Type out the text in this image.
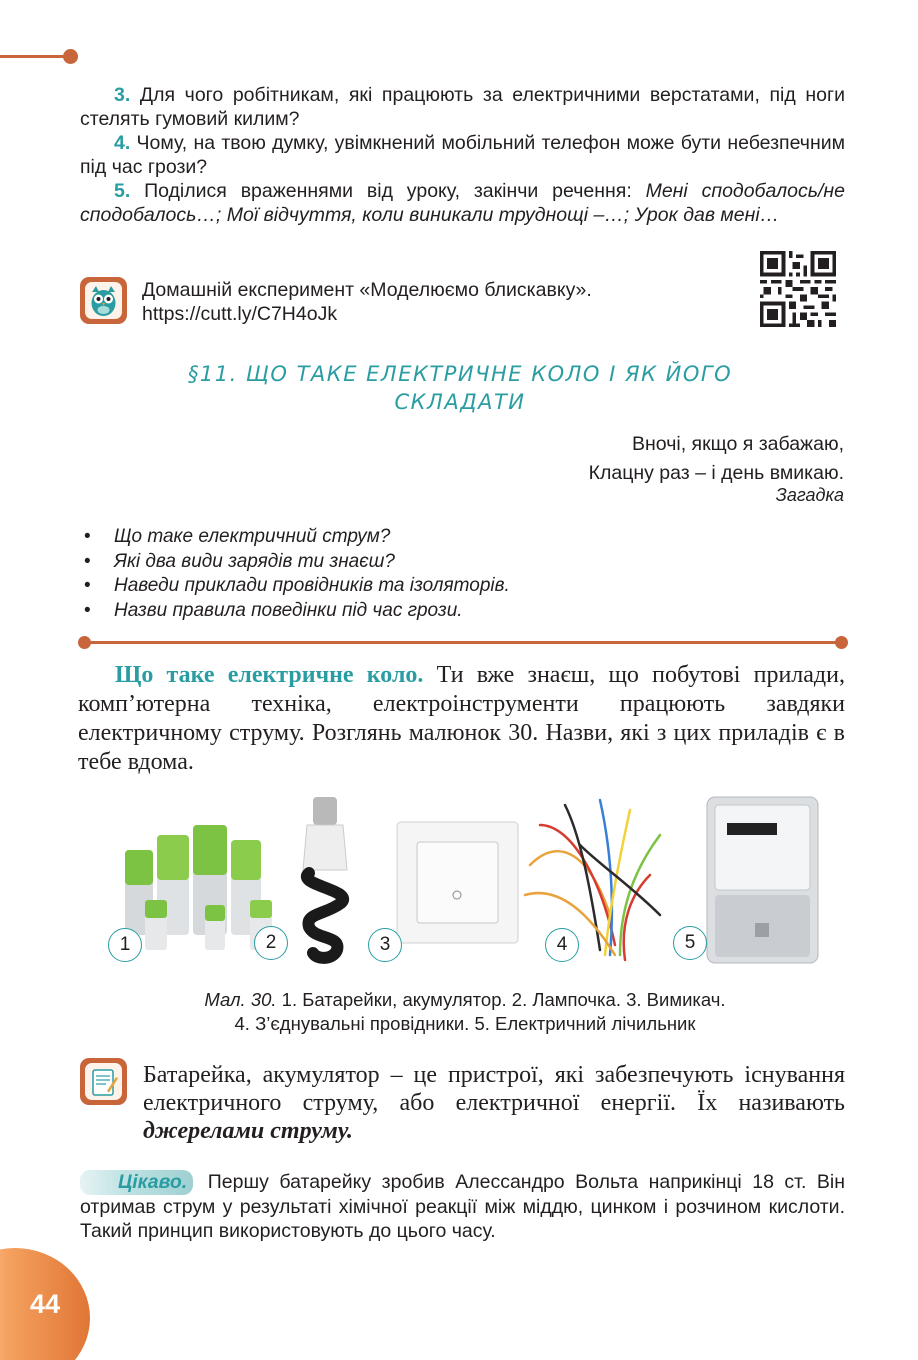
3. Для чого робітникам, які працюють за електричними верстатами, під ноги стелять гумовий килим?

4. Чому, на твою думку, увімкнений мобільний телефон може бути небезпечним під час грози?

5. Поділися враженнями від уроку, закінчи речення: Мені сподобалось/не сподобалось…; Мої відчуття, коли виникали труднощі –…; Урок дав мені…

Домашній експеримент «Моделюємо блискавку».
https://cutt.ly/C7H4oJk
§11. ЩО ТАКЕ ЕЛЕКТРИЧНЕ КОЛО І ЯК ЙОГО
СКЛАДАТИ
Вночі, якщо я забажаю,
Клацну раз – і день вмикаю.
Загадка
• Що таке електричний струм?
• Які два види зарядів ти знаєш?
• Наведи приклади провідників та ізоляторів.
• Назви правила поведінки під час грози.

Що таке електричне коло. Ти вже знаєш, що побутові прилади, комп’ютерна техніка, електроінструменти працюють завдяки електричному струму. Розглянь малюнок 30. Назви, які з цих приладів є в тебе вдома.

1	2	3	4	5
Мал. 30. 1. Батарейки, акумулятор. 2. Лампочка. 3. Вимикач.
4. З’єднувальні провідники. 5. Електричний лічильник
Батарейка, акумулятор – це пристрої, які забезпечують існування електричного струму, або електричної енергії. Їх називають джерелами струму.
Цікаво. Першу батарейку зробив Алессандро Вольта наприкінці 18 ст. Він отримав струм у результаті хімічної реакції між міддю, цинком і розчином кислоти. Такий принцип використовують до цього часу.
44
